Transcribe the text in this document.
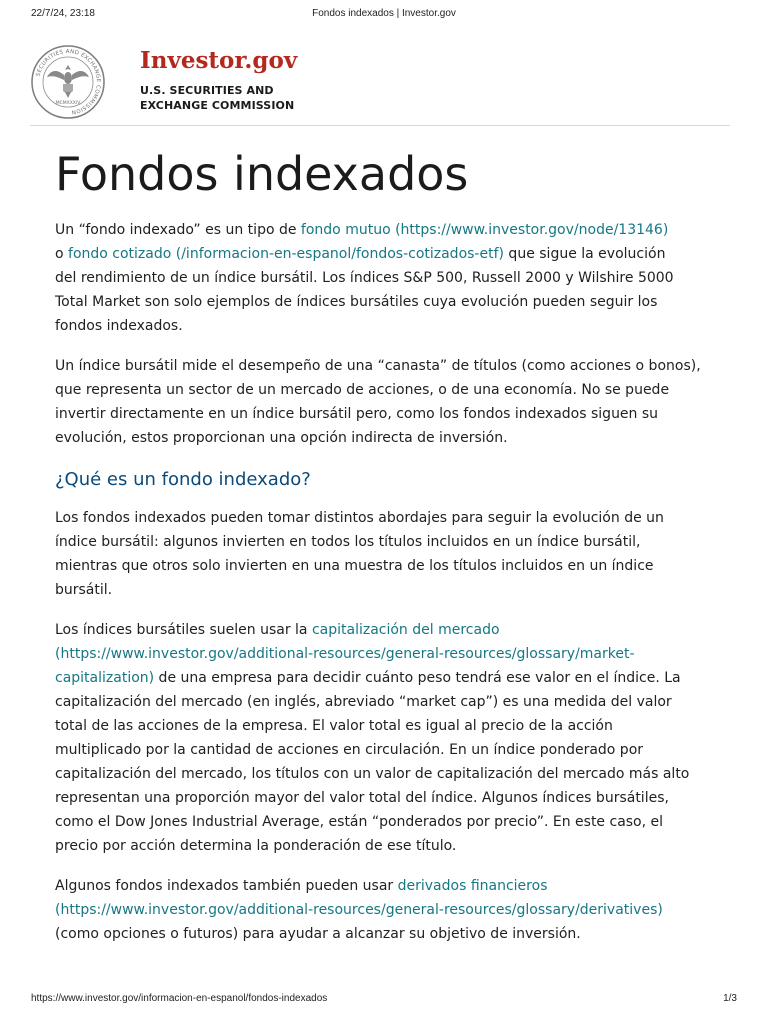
22/7/24, 23:18	Fondos indexados | Investor.gov
SECURITIES AND EXCHANGE COMMISSION
MCMXXXIV
Investor.gov
U.S. SECURITIES AND
EXCHANGE COMMISSION
Fondos indexados

Un “fondo indexado” es un tipo de fondo mutuo (https://www.investor.gov/node/13146)
o fondo cotizado (/informacion-en-espanol/fondos-cotizados-etf) que sigue la evolución
del rendimiento de un índice bursátil. Los índices S&P 500, Russell 2000 y Wilshire 5000
Total Market son solo ejemplos de índices bursátiles cuya evolución pueden seguir los
fondos indexados.

Un índice bursátil mide el desempeño de una “canasta” de títulos (como acciones o bonos),
que representa un sector de un mercado de acciones, o de una economía. No se puede
invertir directamente en un índice bursátil pero, como los fondos indexados siguen su
evolución, estos proporcionan una opción indirecta de inversión.

¿Qué es un fondo indexado?

Los fondos indexados pueden tomar distintos abordajes para seguir la evolución de un
índice bursátil: algunos invierten en todos los títulos incluidos en un índice bursátil,
mientras que otros solo invierten en una muestra de los títulos incluidos en un índice
bursátil.

Los índices bursátiles suelen usar la capitalización del mercado
(https://www.investor.gov/additional-resources/general-resources/glossary/market-
capitalization) de una empresa para decidir cuánto peso tendrá ese valor en el índice. La
capitalización del mercado (en inglés, abreviado “market cap”) es una medida del valor
total de las acciones de la empresa. El valor total es igual al precio de la acción
multiplicado por la cantidad de acciones en circulación. En un índice ponderado por
capitalización del mercado, los títulos con un valor de capitalización del mercado más alto
representan una proporción mayor del valor total del índice. Algunos índices bursátiles,
como el Dow Jones Industrial Average, están “ponderados por precio”. En este caso, el
precio por acción determina la ponderación de ese título.

Algunos fondos indexados también pueden usar derivados financieros
(https://www.investor.gov/additional-resources/general-resources/glossary/derivatives)
(como opciones o futuros) para ayudar a alcanzar su objetivo de inversión.

https://www.investor.gov/informacion-en-espanol/fondos-indexados	1/3
